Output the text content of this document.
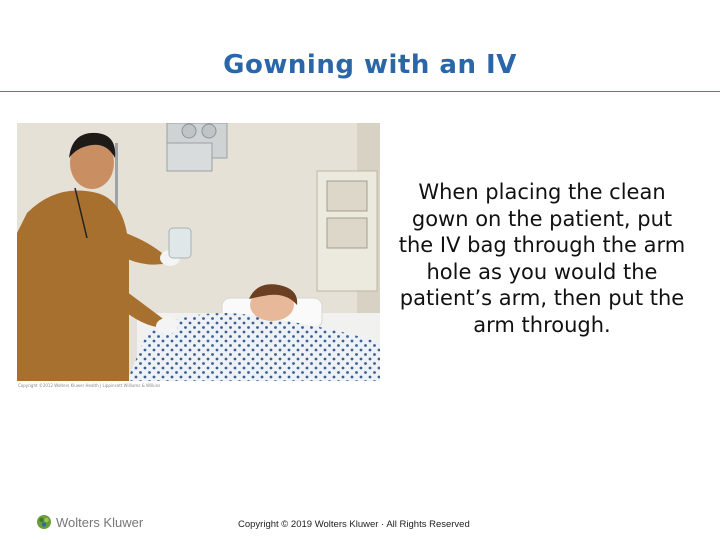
Gowning with an IV
Copyright ©2012 Wolters Kluwer Health | Lippincott Williams & Wilkins
When placing the clean gown on the patient, put the IV bag through the arm hole as you would the patient’s arm, then put the arm through.
Wolters Kluwer	Copyright © 2019 Wolters Kluwer · All Rights Reserved
